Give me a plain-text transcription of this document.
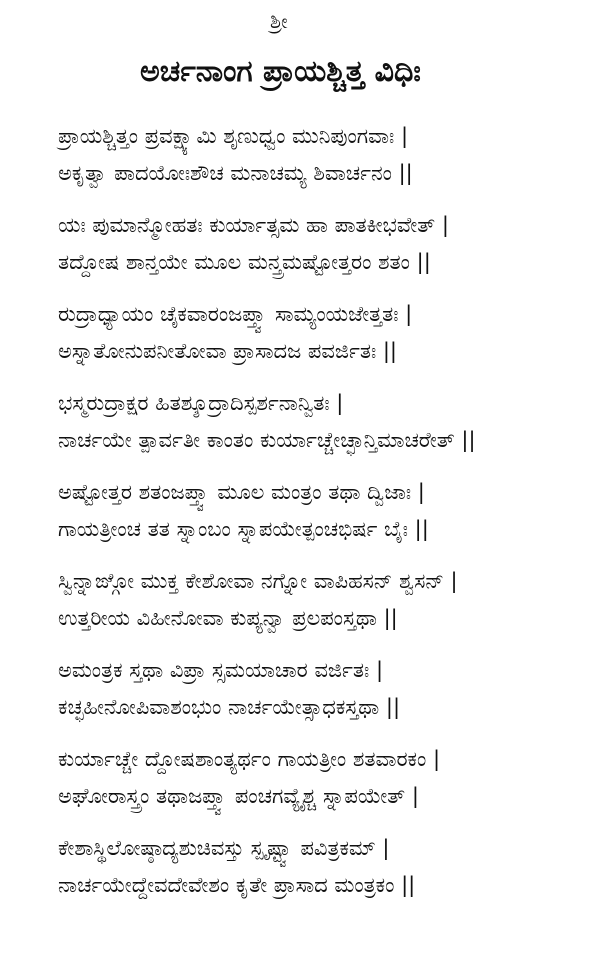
ಶ್ರೀ
ಅರ್ಚನಾಂಗ ಪ್ರಾಯಶ್ಚಿತ್ತ ವಿಧಿಃ
ಪ್ರಾಯಶ್ಚಿತ್ತಂ ಪ್ರವಕ್ಷ್ಯಾಮಿ ಶೃಣುಧ್ವಂ ಮುನಿಪುಂಗವಾಃ |
ಅಕೃತ್ವಾ ಪಾದಯೋಃಶೌಚ ಮನಾಚಮ್ಯ ಶಿವಾರ್ಚನಂ ||
ಯಃ ಪುಮಾನ್ಮೋಹತಃ ಕುರ್ಯಾತ್ಸಮ ಹಾ ಪಾತಕೀಭವೇತ್ |
ತದ್ದೋಷ ಶಾನ್ತಯೇ ಮೂಲ ಮನ್ತ್ರಮಷ್ಟೋತ್ತರಂ ಶತಂ ||
ರುದ್ರಾಧ್ಯಾಯಂ ಚೈಕವಾರಂಜಪ್ತ್ವಾ ಸಾಮ್ಯಂಯಜೇತ್ತತಃ |
ಅಸ್ನಾತೋನುಪನೀತೋವಾ ಪ್ರಾಸಾದಜ ಪವರ್ಜಿತಃ ||
ಭಸ್ಮರುದ್ರಾಕ್ಷರ ಹಿತಶ್ಶೂದ್ರಾದಿಸ್ಪರ್ಶನಾನ್ವಿತಃ |
ನಾರ್ಚಯೇ ತ್ಪಾರ್ವತೀ ಕಾಂತಂ ಕುರ್ಯಾಚ್ಚೇಚ್ಛಾನ್ತಿಮಾಚರೇತ್ ||
ಅಷ್ಟೋತ್ತರ ಶತಂಜಪ್ತ್ವಾ ಮೂಲ ಮಂತ್ರಂ ತಥಾ ದ್ವಿಜಾಃ |
ಗಾಯತ್ರೀಂಚ ತತ ಸ್ನಾಂಬಂ ಸ್ನಾಪಯೇತ್ಪಂಚಭಿರ್ಷ ಬೈಃ ||
ಸ್ವಿನ್ನಾಙ್ಗೋ ಮುಕ್ತ ಕೇಶೋವಾ ನಗ್ನೋ ವಾಪಿಹಸನ್ ಶ್ವಸನ್ |
ಉತ್ತರೀಯ ವಿಹೀನೋವಾ ಕುಪ್ಯನ್ವಾ ಪ್ರಲಪಂಸ್ತಥಾ ||
ಅಮಂತ್ರಕ ಸ್ತಥಾ ವಿಪ್ರಾ ಸ್ಸಮಯಾಚಾರ ವರ್ಜಿತಃ |
ಕಚ್ಛಹೀನೋಪಿವಾಶಂಭುಂ ನಾರ್ಚಯೇತ್ಸಾಧಕಸ್ತಥಾ ||
ಕುರ್ಯಾಚ್ಚೇ ದ್ದೋಷಶಾಂತ್ಯರ್ಥಂ ಗಾಯತ್ರೀಂ ಶತವಾರಕಂ |
ಅಘೋರಾಸ್ತ್ರಂ ತಥಾಜಪ್ತ್ವಾ ಪಂಚಗವ್ಯೈಶ್ಚ ಸ್ನಾಪಯೇತ್ |
ಕೇಶಾಸ್ಥಿಲೋಷ್ಠಾದ್ಯಶುಚಿವಸ್ತು ಸ್ಪೃಷ್ಟ್ವಾ ಪವಿತ್ರಕಮ್ |
ನಾರ್ಚಯೇದ್ದೇವದೇವೇಶಂ ಕೃತೇ ಪ್ರಾಸಾದ ಮಂತ್ರಕಂ ||
